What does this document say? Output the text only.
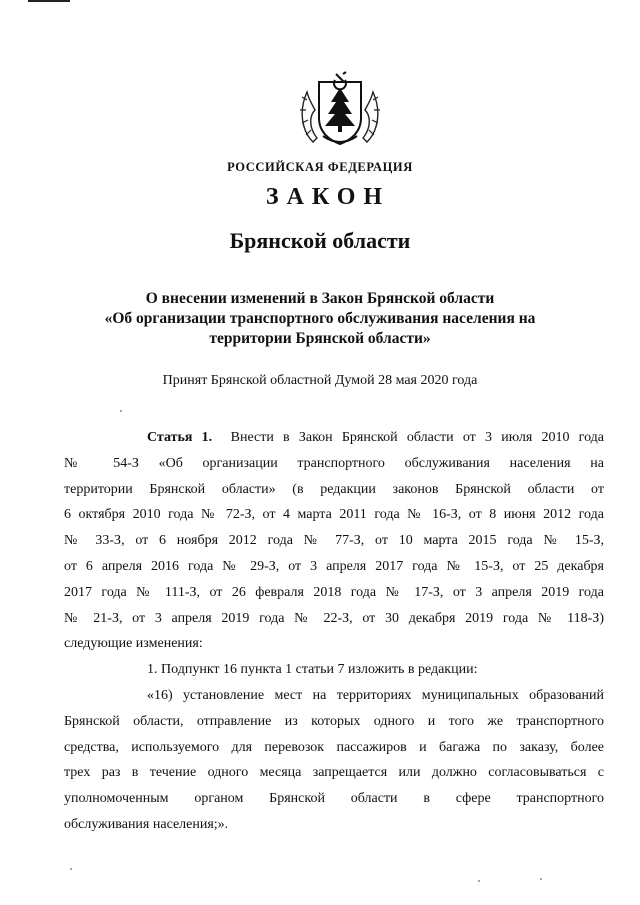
РОССИЙСКАЯ ФЕДЕРАЦИЯ
ЗАКОН
Брянской области
О внесении изменений в Закон Брянской области
«Об организации транспортного обслуживания населения на
территории Брянской области»
Принят Брянской областной Думой 28 мая 2020 года
Статья 1. Внести в Закон Брянской области от 3 июля 2010 года
№ 54-З «Об организации транспортного обслуживания населения на
территории Брянской области» (в редакции законов Брянской области от
6 октября 2010 года № 72-З, от 4 марта 2011 года № 16-З, от 8 июня 2012 года
№ 33-З, от 6 ноября 2012 года № 77-З, от 10 марта 2015 года № 15-З,
от 6 апреля 2016 года № 29-З, от 3 апреля 2017 года № 15-З, от 25 декабря
2017 года № 111-З, от 26 февраля 2018 года № 17-З, от 3 апреля 2019 года
№ 21-З, от 3 апреля 2019 года № 22-З, от 30 декабря 2019 года № 118-З)
следующие изменения:
1. Подпункт 16 пункта 1 статьи 7 изложить в редакции:
«16) установление мест на территориях муниципальных образований
Брянской области, отправление из которых одного и того же транспортного
средства, используемого для перевозок пассажиров и багажа по заказу, более
трех раз в течение одного месяца запрещается или должно согласовываться с
уполномоченным органом Брянской области в сфере транспортного
обслуживания населения;».
